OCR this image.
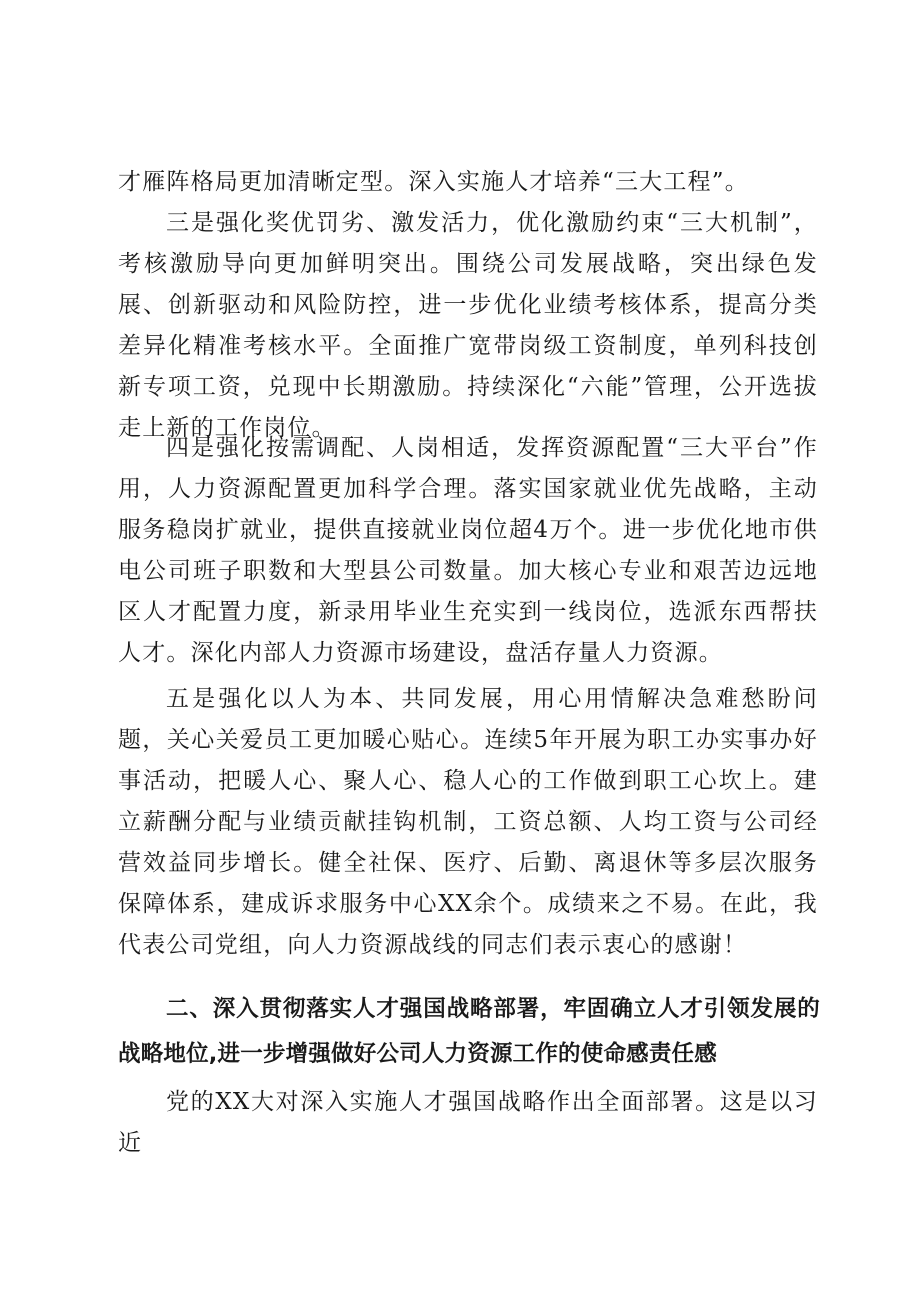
才雁阵格局更加清晰定型。深入实施人才培养“三大工程”。

三是强化奖优罚劣、激发活力，优化激励约束“三大机制”，考核激励导向更加鲜明突出。围绕公司发展战略，突出绿色发展、创新驱动和风险防控，进一步优化业绩考核体系，提高分类差异化精准考核水平。全面推广宽带岗级工资制度，单列科技创新专项工资，兑现中长期激励。持续深化“六能”管理，公开选拔走上新的工作岗位。

四是强化按需调配、人岗相适，发挥资源配置“三大平台”作用，人力资源配置更加科学合理。落实国家就业优先战略，主动服务稳岗扩就业，提供直接就业岗位超4万个。进一步优化地市供电公司班子职数和大型县公司数量。加大核心专业和艰苦边远地区人才配置力度，新录用毕业生充实到一线岗位，选派东西帮扶人才。深化内部人力资源市场建设，盘活存量人力资源。

五是强化以人为本、共同发展，用心用情解决急难愁盼问题，关心关爱员工更加暖心贴心。连续5年开展为职工办实事办好事活动，把暖人心、聚人心、稳人心的工作做到职工心坎上。建立薪酬分配与业绩贡献挂钩机制，工资总额、人均工资与公司经营效益同步增长。健全社保、医疗、后勤、离退休等多层次服务保障体系，建成诉求服务中心XX余个。成绩来之不易。在此，我代表公司党组，向人力资源战线的同志们表示衷心的感谢！

二、深入贯彻落实人才强国战略部署，牢固确立人才引领发展的战略地位,进一步增强做好公司人力资源工作的使命感责任感

党的XX大对深入实施人才强国战略作出全面部署。这是以习近
